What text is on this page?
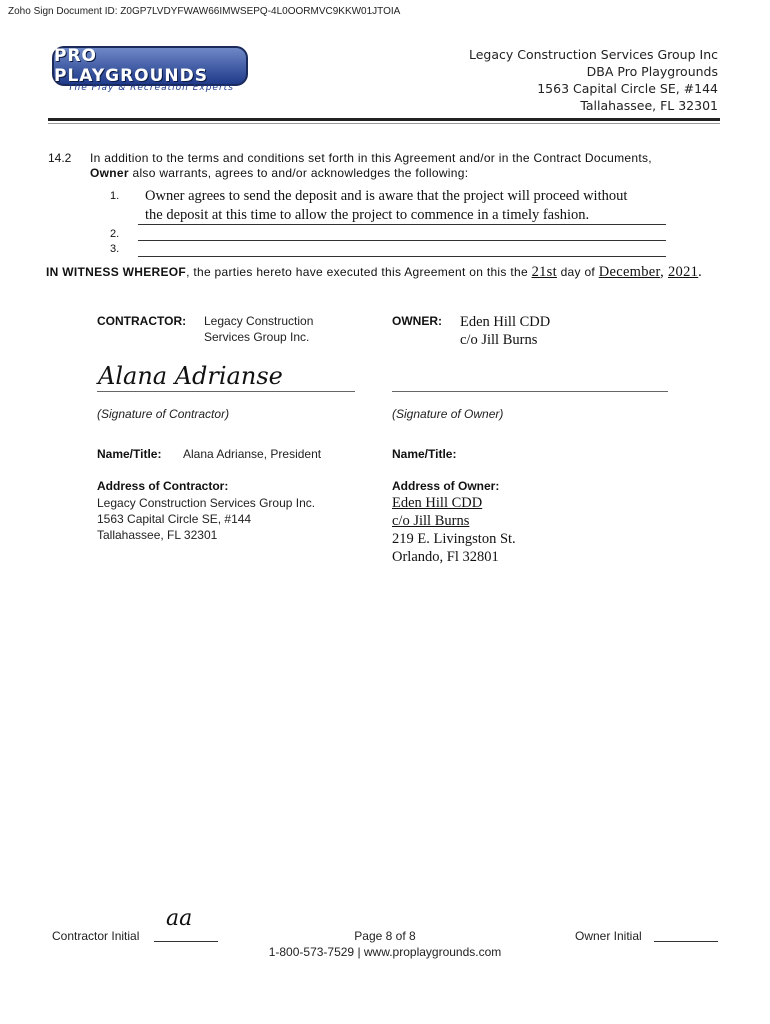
Zoho Sign Document ID: Z0GP7LVDYFWAW66IMWSEPQ-4L0OORMVC9KKW01JTOIA
PRO PLAYGROUNDS
The Play & Recreation Experts
Legacy Construction Services Group Inc
DBA Pro Playgrounds
1563 Capital Circle SE, #144
Tallahassee, FL 32301
14.2 In addition to the terms and conditions set forth in this Agreement and/or in the Contract Documents,
Owner also warrants, agrees to and/or acknowledges the following:
1. Owner agrees to send the deposit and is aware that the project will proceed without
the deposit at this time to allow the project to commence in a timely fashion.
2.
3.
IN WITNESS WHEREOF, the parties hereto have executed this Agreement on this the 21st day of December, 2021.
CONTRACTOR: Legacy Construction
Services Group Inc.
Alana Adrianse
(Signature of Contractor)
Name/Title: Alana Adrianse, President
Address of Contractor:
Legacy Construction Services Group Inc.
1563 Capital Circle SE, #144
Tallahassee, FL 32301
OWNER: Eden Hill CDD
c/o Jill Burns
(Signature of Owner)
Name/Title:
Address of Owner:
Eden Hill CDD
c/o Jill Burns
219 E. Livingston St.
Orlando, Fl 32801
Contractor Initial
aa
Page 8 of 8
1-800-573-7529 | www.proplaygrounds.com
Owner Initial
